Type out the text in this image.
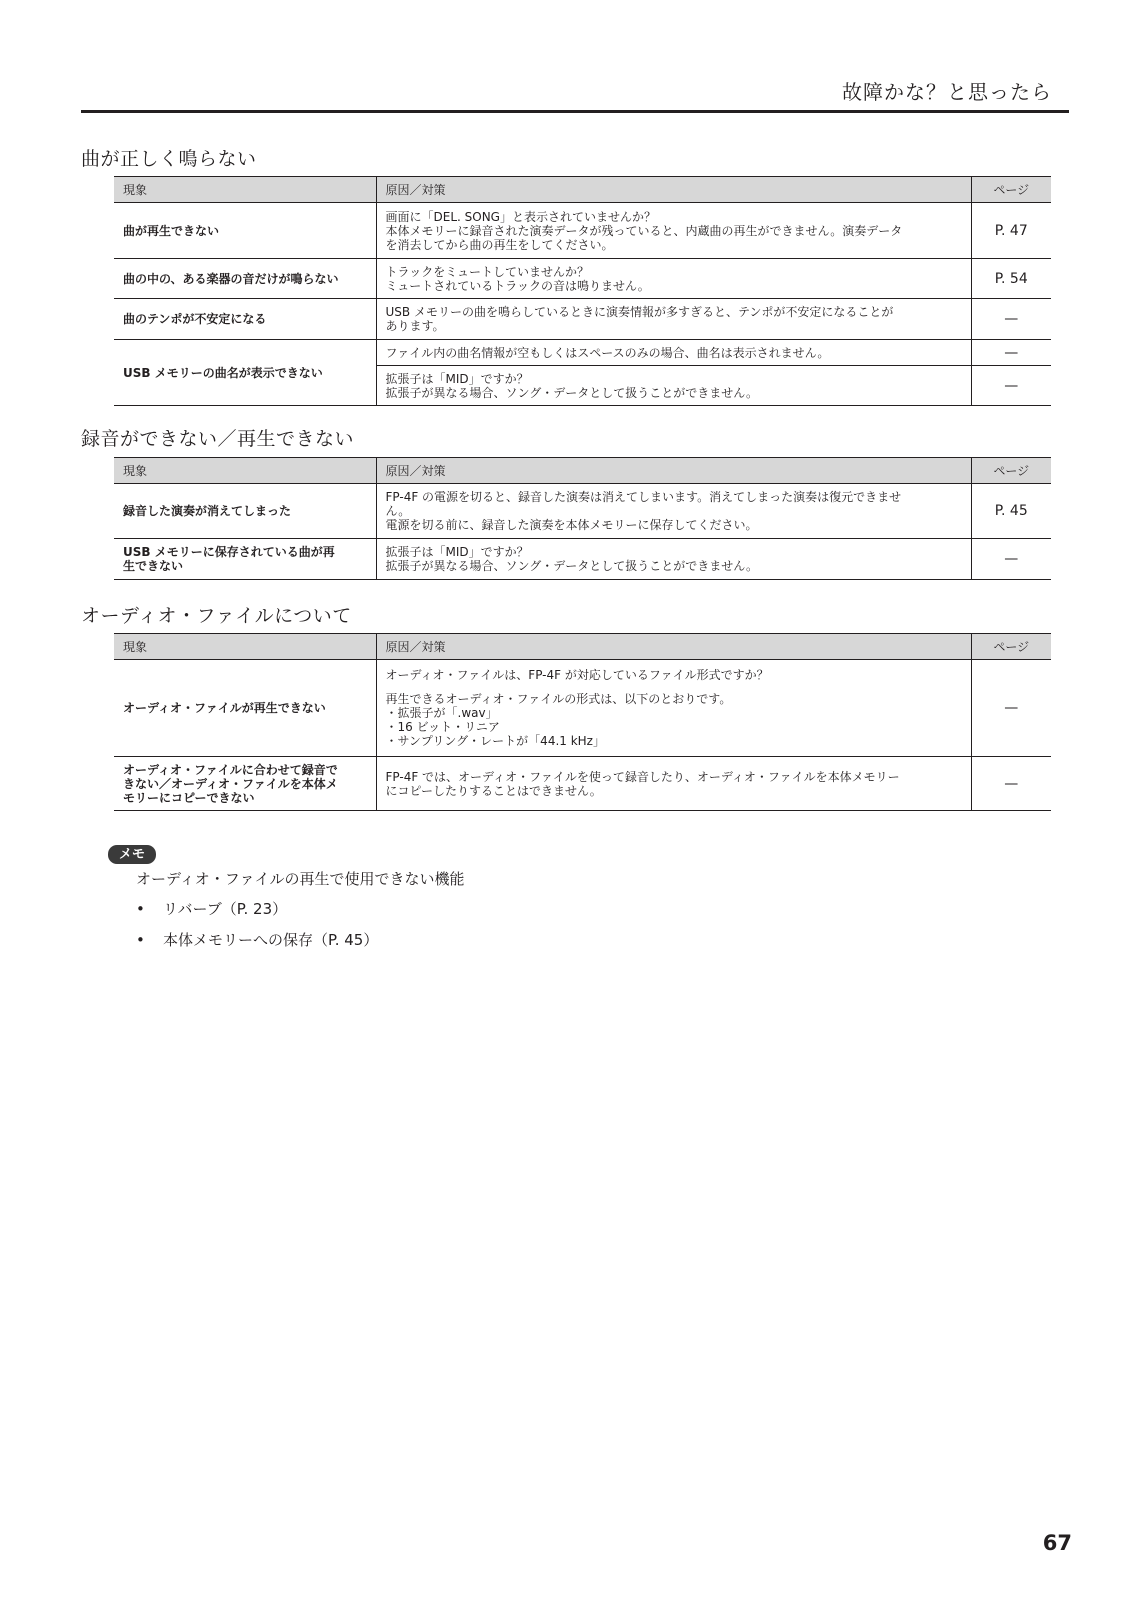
故障かな？と思ったら
曲が正しく鳴らない
現象	原因／対策	ページ

曲が再生できない	画面に「DEL. SONG」と表示されていませんか？
本体メモリーに録音された演奏データが残っていると、内蔵曲の再生ができません。演奏データ
を消去してから曲の再生をしてください。	P. 47

曲の中の、ある楽器の音だけが鳴らない	トラックをミュートしていませんか？
ミュートされているトラックの音は鳴りません。	P. 54

曲のテンポが不安定になる	USB メモリーの曲を鳴らしているときに演奏情報が多すぎると、テンポが不安定になることが
あります。	—

USB メモリーの曲名が表示できない	ファイル内の曲名情報が空もしくはスペースのみの場合、曲名は表示されません。	—

	拡張子は「MID」ですか？
拡張子が異なる場合、ソング・データとして扱うことができません。	—
録音ができない／再生できない
現象	原因／対策	ページ

録音した演奏が消えてしまった	FP-4F の電源を切ると、録音した演奏は消えてしまいます。消えてしまった演奏は復元できませ
ん。
電源を切る前に、録音した演奏を本体メモリーに保存してください。	P. 45

USB メモリーに保存されている曲が再
生できない	拡張子は「MID」ですか？
拡張子が異なる場合、ソング・データとして扱うことができません。	—
オーディオ・ファイルについて
現象	原因／対策	ページ

オーディオ・ファイルが再生できない	オーディオ・ファイルは、FP-4F が対応しているファイル形式ですか？
再生できるオーディオ・ファイルの形式は、以下のとおりです。
・拡張子が「.wav」
・16 ビット・リニア
・サンプリング・レートが「44.1 kHz」	—

オーディオ・ファイルに合わせて録音で
きない／オーディオ・ファイルを本体メ
モリーにコピーできない	FP-4F では、オーディオ・ファイルを使って録音したり、オーディオ・ファイルを本体メモリー
にコピーしたりすることはできません。	—
メモ
オーディオ・ファイルの再生で使用できない機能
• リバーブ（P. 23）
• 本体メモリーへの保存（P. 45）
67
